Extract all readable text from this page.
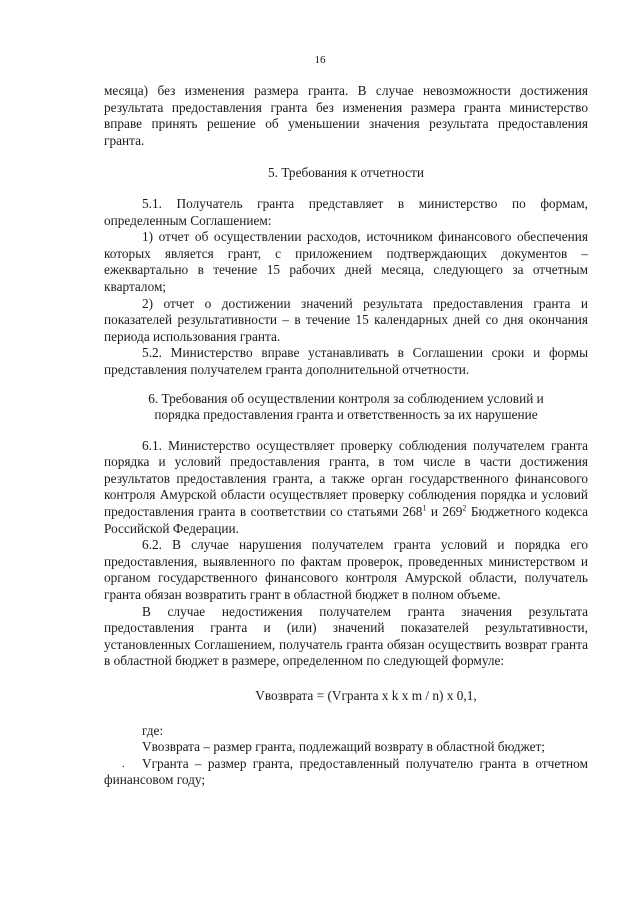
16

месяца) без изменения размера гранта. В случае невозможности достижения результата предоставления гранта без изменения размера гранта министерство вправе принять решение об уменьшении значения результата предоставления гранта.

5. Требования к отчетности

5.1. Получатель гранта представляет в министерство по формам, определенным Соглашением:

1) отчет об осуществлении расходов, источником финансового обеспечения которых является грант, с приложением подтверждающих документов – ежеквартально в течение 15 рабочих дней месяца, следующего за отчетным кварталом;

2) отчет о достижении значений результата предоставления гранта и показателей результативности – в течение 15 календарных дней со дня окончания периода использования гранта.

5.2. Министерство вправе устанавливать в Соглашении сроки и формы представления получателем гранта дополнительной отчетности.

6. Требования об осуществлении контроля за соблюдением условий и
порядка предоставления гранта и ответственность за их нарушение

6.1. Министерство осуществляет проверку соблюдения получателем гранта порядка и условий предоставления гранта, в том числе в части достижения результатов предоставления гранта, а также орган государственного финансового контроля Амурской области осуществляет проверку соблюдения порядка и условий предоставления гранта в соответствии со статьями $268^1$ и $269^2$ Бюджетного кодекса Российской Федерации.

6.2. В случае нарушения получателем гранта условий и порядка его предоставления, выявленного по фактам проверок, проведенных министерством и органом государственного финансового контроля Амурской области, получатель гранта обязан возвратить грант в областной бюджет в полном объеме.

В случае недостижения получателем гранта значения результата предоставления гранта и (или) значений показателей результативности, установленных Соглашением, получатель гранта обязан осуществить возврат гранта в областной бюджет в размере, определенном по следующей формуле:

Vвозврата = (Vгранта x k x m / n) x 0,1,

где:

Vвозврата – размер гранта, подлежащий возврату в областной бюджет;

. Vгранта – размер гранта, предоставленный получателю гранта в отчетном финансовом году;
